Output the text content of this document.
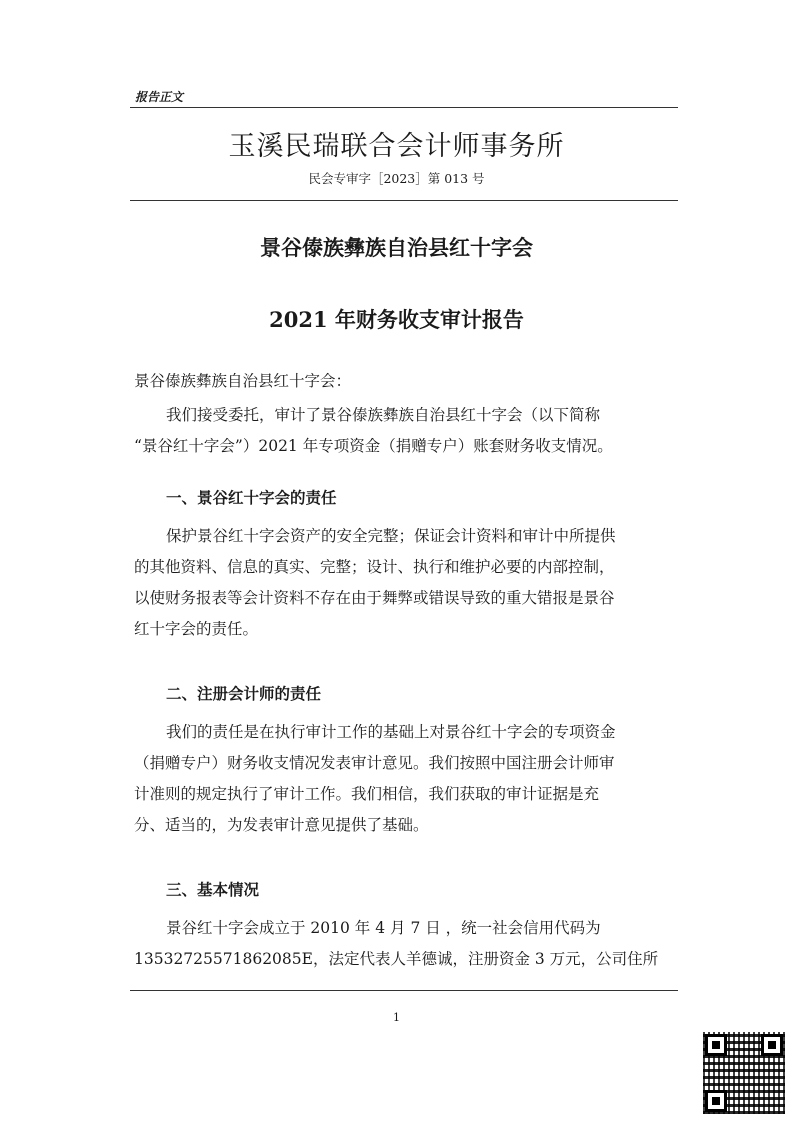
报告正文
玉溪民瑞联合会计师事务所
民会专审字［2023］第 013 号
景谷傣族彝族自治县红十字会
2021 年财务收支审计报告
景谷傣族彝族自治县红十字会：
我们接受委托，审计了景谷傣族彝族自治县红十字会（以下简称
“景谷红十字会”）2021 年专项资金（捐赠专户）账套财务收支情况。
一、景谷红十字会的责任
保护景谷红十字会资产的安全完整；保证会计资料和审计中所提供
的其他资料、信息的真实、完整；设计、执行和维护必要的内部控制，
以使财务报表等会计资料不存在由于舞弊或错误导致的重大错报是景谷
红十字会的责任。
二、注册会计师的责任
我们的责任是在执行审计工作的基础上对景谷红十字会的专项资金
（捐赠专户）财务收支情况发表审计意见。我们按照中国注册会计师审
计准则的规定执行了审计工作。我们相信，我们获取的审计证据是充
分、适当的，为发表审计意见提供了基础。
三、基本情况
景谷红十字会成立于 2010 年 4 月 7 日 ，统一社会信用代码为
13532725571862085E，法定代表人羊德诚，注册资金 3 万元，公司住所
1
